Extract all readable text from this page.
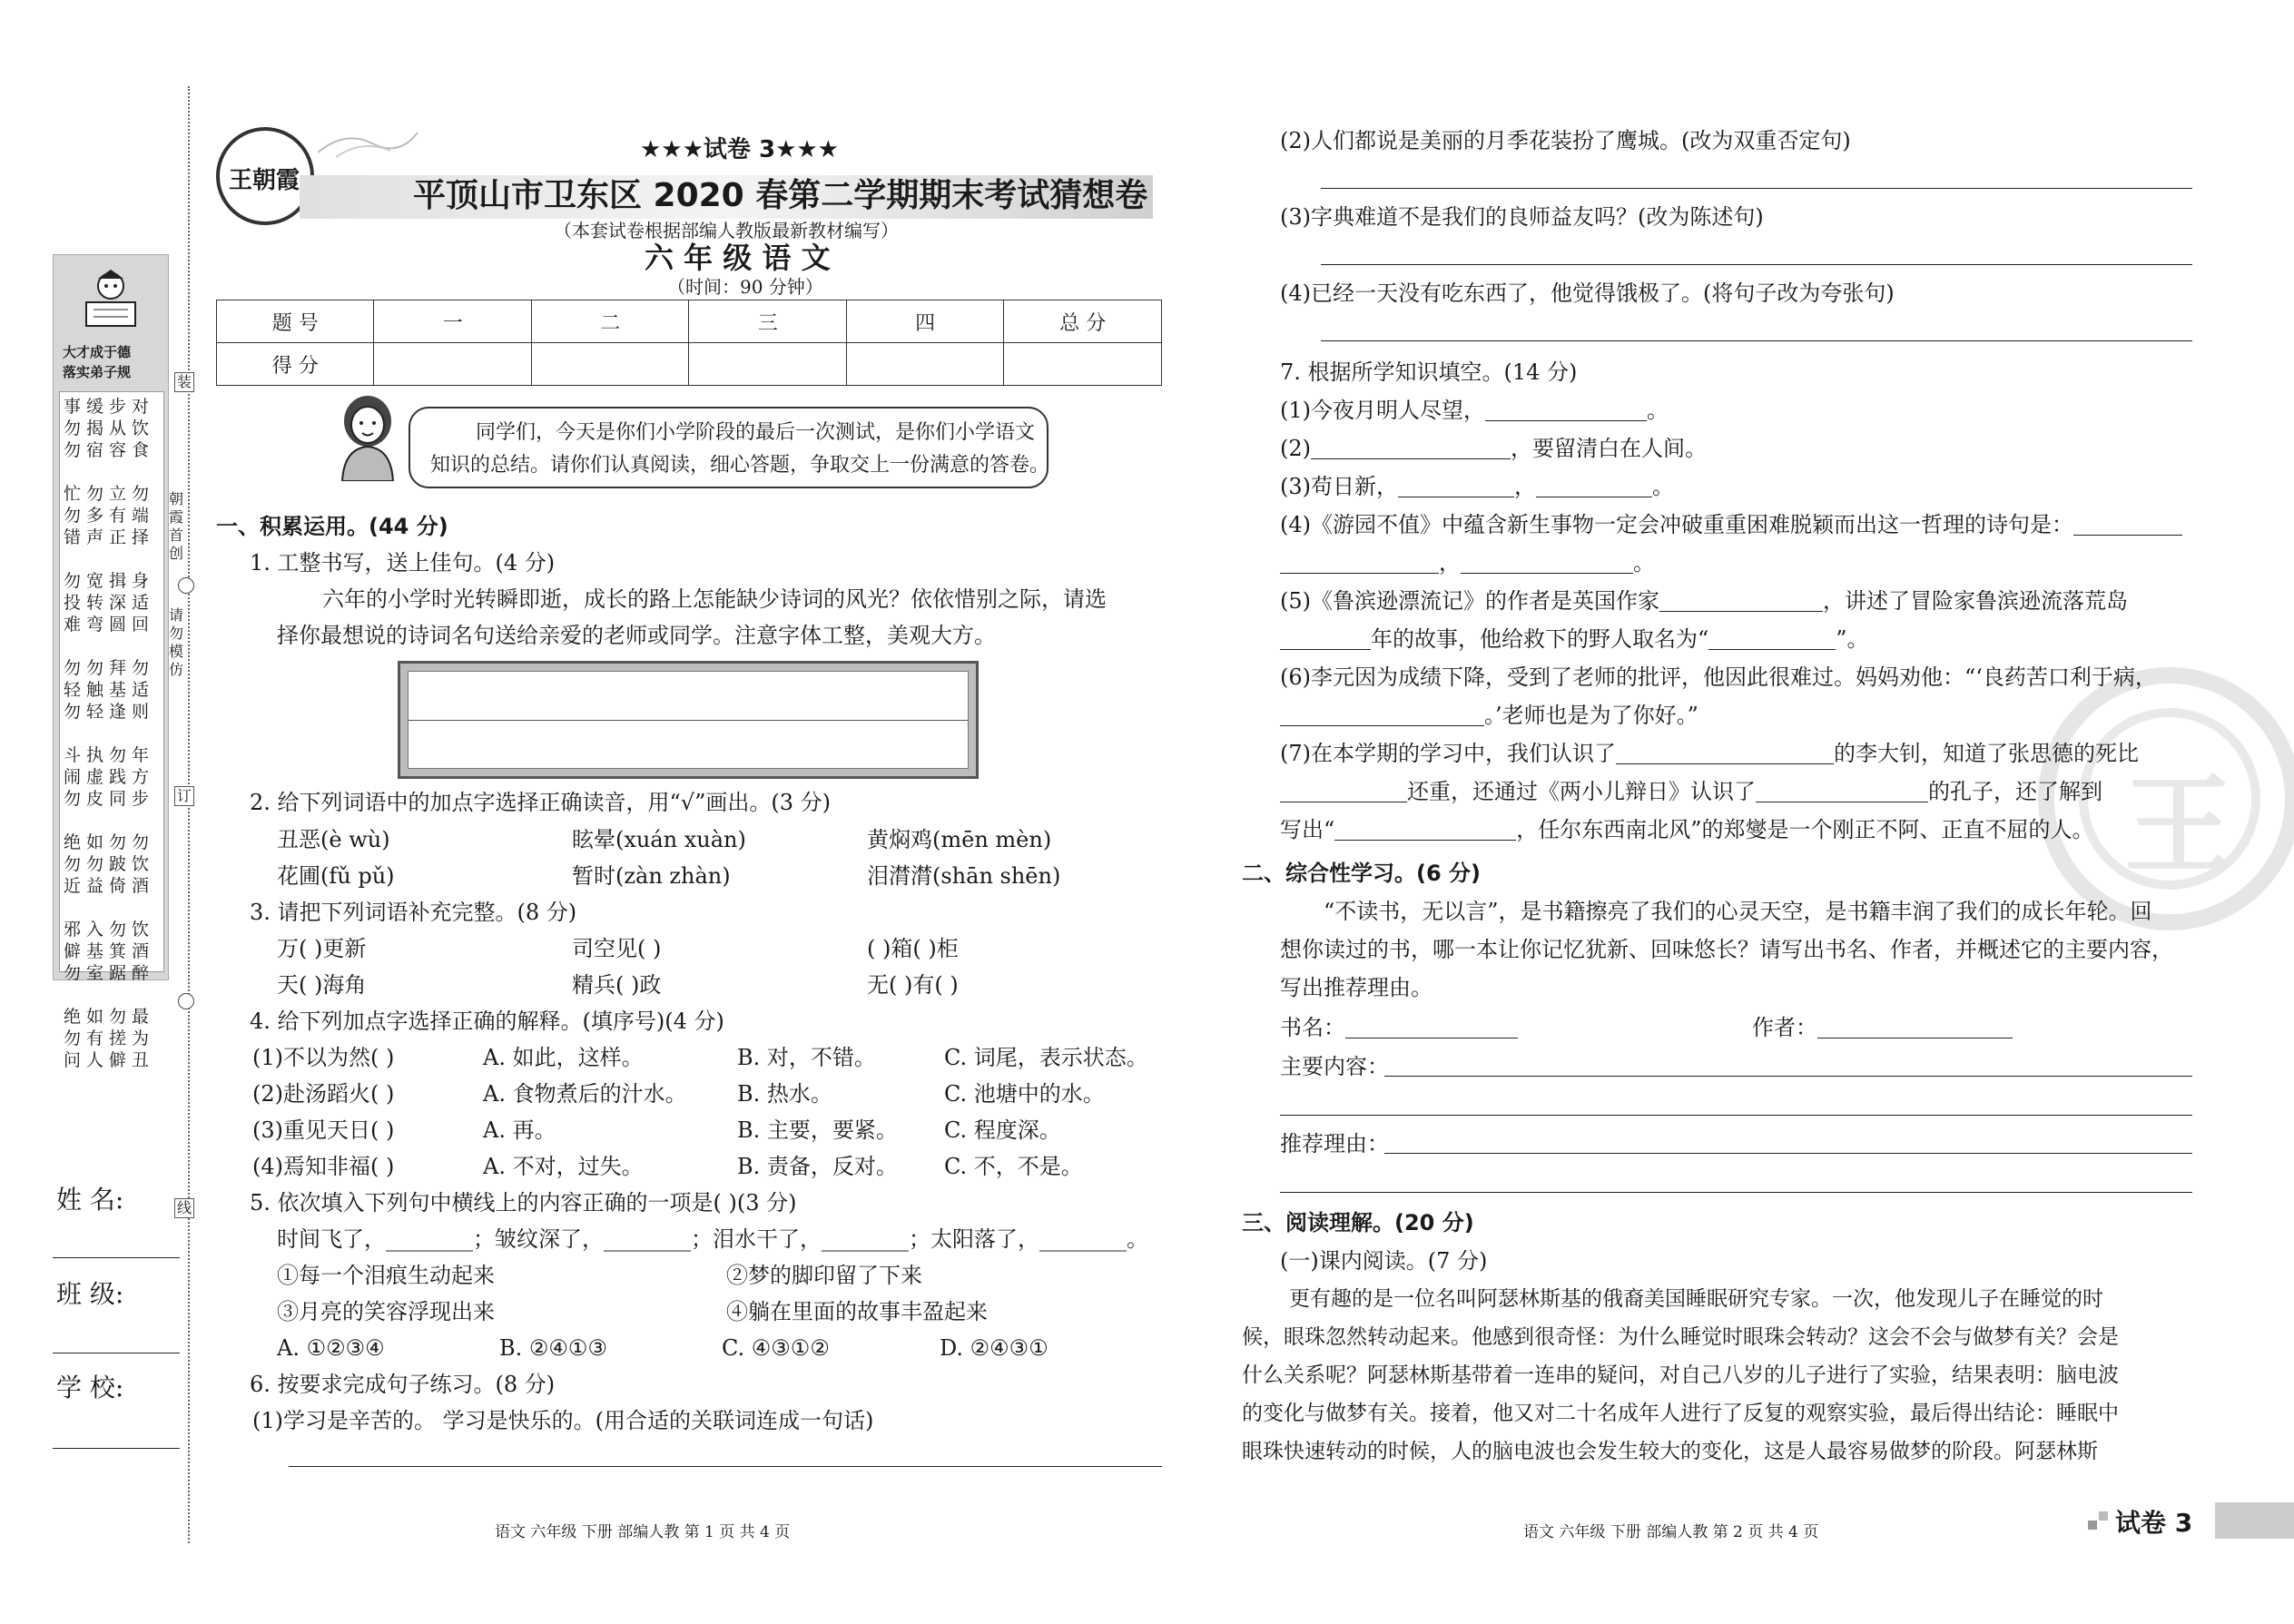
大才成于德
落实弟子规
事缓步对
勿揭从饮
勿宿容食

忙勿立勿
勿多有端
错声正择

勿宽揖身
投转深适
难弯圆回

勿勿拜勿
轻触基适
勿轻逢则

斗执勿年
闹虚践方
勿皮同步

绝如勿勿
勿勿跛饮
近益倚酒

邪入勿饮
僻基箕酒
勿室踞醉

绝如勿最
勿有搓为
问人僻丑
装
朝霞首创
请勿模仿
订
线
姓 名:
班 级:
学 校:
王朝霞
★★★试卷 3★★★
平顶山市卫东区 2020 春第二学期期末考试猜想卷
（本套试卷根据部编人教版最新教材编写）
六 年 级 语 文
（时间：90 分钟）
题 号	一	二	三	四	总 分
得 分					
同学们，今天是你们小学阶段的最后一次测试，是你们小学语文
知识的总结。请你们认真阅读，细心答题，争取交上一份满意的答卷。
一、积累运用。(44 分)
1. 工整书写，送上佳句。(4 分)
六年的小学时光转瞬即逝，成长的路上怎能缺少诗词的风光？依依惜别之际，请选
择你最想说的诗词名句送给亲爱的老师或同学。注意字体工整，美观大方。
2. 给下列词语中的加点字选择正确读音，用“√”画出。(3 分)
丑恶(è wù)	眩晕(xuán xuàn)	黄焖鸡(mēn mèn)
花圃(fǔ pǔ)	暂时(zàn zhàn)	泪潸潸(shān shēn)
3. 请把下列词语补充完整。(8 分)
万( )更新	司空见( )	( )箱( )柜
天( )海角	精兵( )政	无( )有( )
4. 给下列加点字选择正确的解释。(填序号)(4 分)
(1)不以为然( )	A. 如此，这样。	B. 对，不错。	C. 词尾，表示状态。
(2)赴汤蹈火( )	A. 食物煮后的汁水。 B. 热水。	C. 池塘中的水。
(3)重见天日( )	A. 再。	B. 主要，要紧。 C. 程度深。
(4)焉知非福( )	A. 不对，过失。	B. 责备，反对。 C. 不，不是。
5. 依次填入下列句中横线上的内容正确的一项是( )(3 分)
时间飞了，________；皱纹深了，________；泪水干了，________；太阳落了，________。
①每一个泪痕生动起来	②梦的脚印留了下来
③月亮的笑容浮现出来	④躺在里面的故事丰盈起来
A. ①②③④	B. ②④①③	C. ④③①②	D. ②④③①
6. 按要求完成句子练习。(8 分)
(1)学习是辛苦的。 学习是快乐的。(用合适的关联词连成一句话)
语文 六年级 下册 部编人教 第 1 页 共 4 页
王
(2)人们都说是美丽的月季花装扮了鹰城。(改为双重否定句)
(3)字典难道不是我们的良师益友吗？(改为陈述句)
(4)已经一天没有吃东西了，他觉得饿极了。(将句子改为夸张句)
7. 根据所学知识填空。(14 分)
(1)今夜月明人尽望，	。
(2)	，要留清白在人间。
(3)苟日新，	，	。
(4)《游园不值》中蕴含新生事物一定会冲破重重困难脱颖而出这一哲理的诗句是：
，	。
(5)《鲁滨逊漂流记》的作者是英国作家	，讲述了冒险家鲁滨逊流落荒岛
年的故事，他给救下的野人取名为“	”。
(6)李元因为成绩下降，受到了老师的批评，他因此很难过。妈妈劝他：“‘良药苦口利于病，
。’老师也是为了你好。”
(7)在本学期的学习中，我们认识了	的李大钊，知道了张思德的死比
还重，还通过《两小儿辩日》认识了	的孔子，还了解到
写出“	，任尔东西南北风”的郑燮是一个刚正不阿、正直不屈的人。
二、综合性学习。(6 分)
“不读书，无以言”，是书籍擦亮了我们的心灵天空，是书籍丰润了我们的成长年轮。回
想你读过的书，哪一本让你记忆犹新、回味悠长？请写出书名、作者，并概述它的主要内容，
写出推荐理由。
书名：	作者：
主要内容：
推荐理由：
三、阅读理解。(20 分)
(一)课内阅读。(7 分)
更有趣的是一位名叫阿瑟林斯基的俄裔美国睡眠研究专家。一次，他发现儿子在睡觉的时
候，眼珠忽然转动起来。他感到很奇怪：为什么睡觉时眼珠会转动？这会不会与做梦有关？会是
什么关系呢？阿瑟林斯基带着一连串的疑问，对自己八岁的儿子进行了实验，结果表明：脑电波
的变化与做梦有关。接着，他又对二十名成年人进行了反复的观察实验，最后得出结论：睡眠中
眼珠快速转动的时候，人的脑电波也会发生较大的变化，这是人最容易做梦的阶段。阿瑟林斯
语文 六年级 下册 部编人教 第 2 页 共 4 页	试卷 3
